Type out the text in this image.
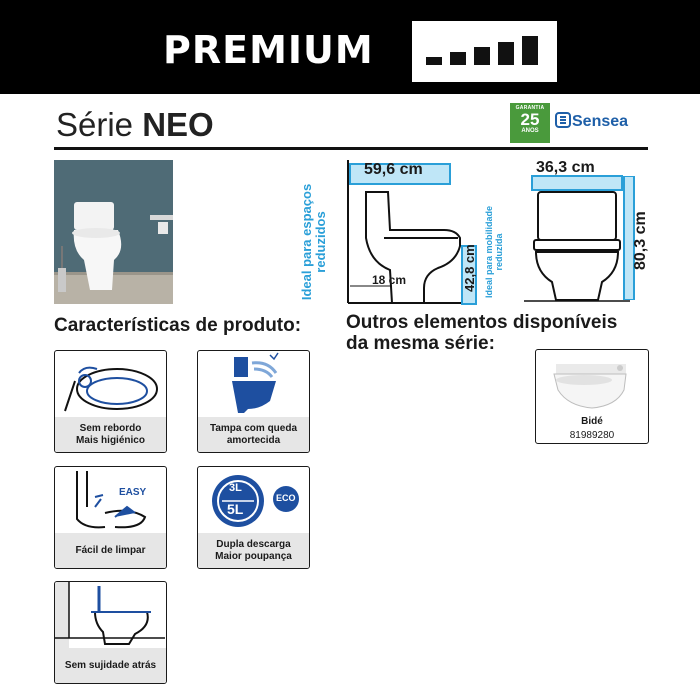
PREMIUM
Série NEO	GARANTIA
25
ANOS
Sensea
Ideal para espaços reduzidos
59,6 cm
18 cm	42,8 cm Ideal para mobilidade reduzida
36,3 cm
80,3 cm
Características de produto: Outros elementos disponíveis
da mesma série:
Sem rebordo
Mais higiénico
Tampa com queda
amortecida
EASY
Fácil de limpar
3L
5L
ECO
Dupla descarga
Maior poupança
Sem sujidade atrás
Bidé
81989280
